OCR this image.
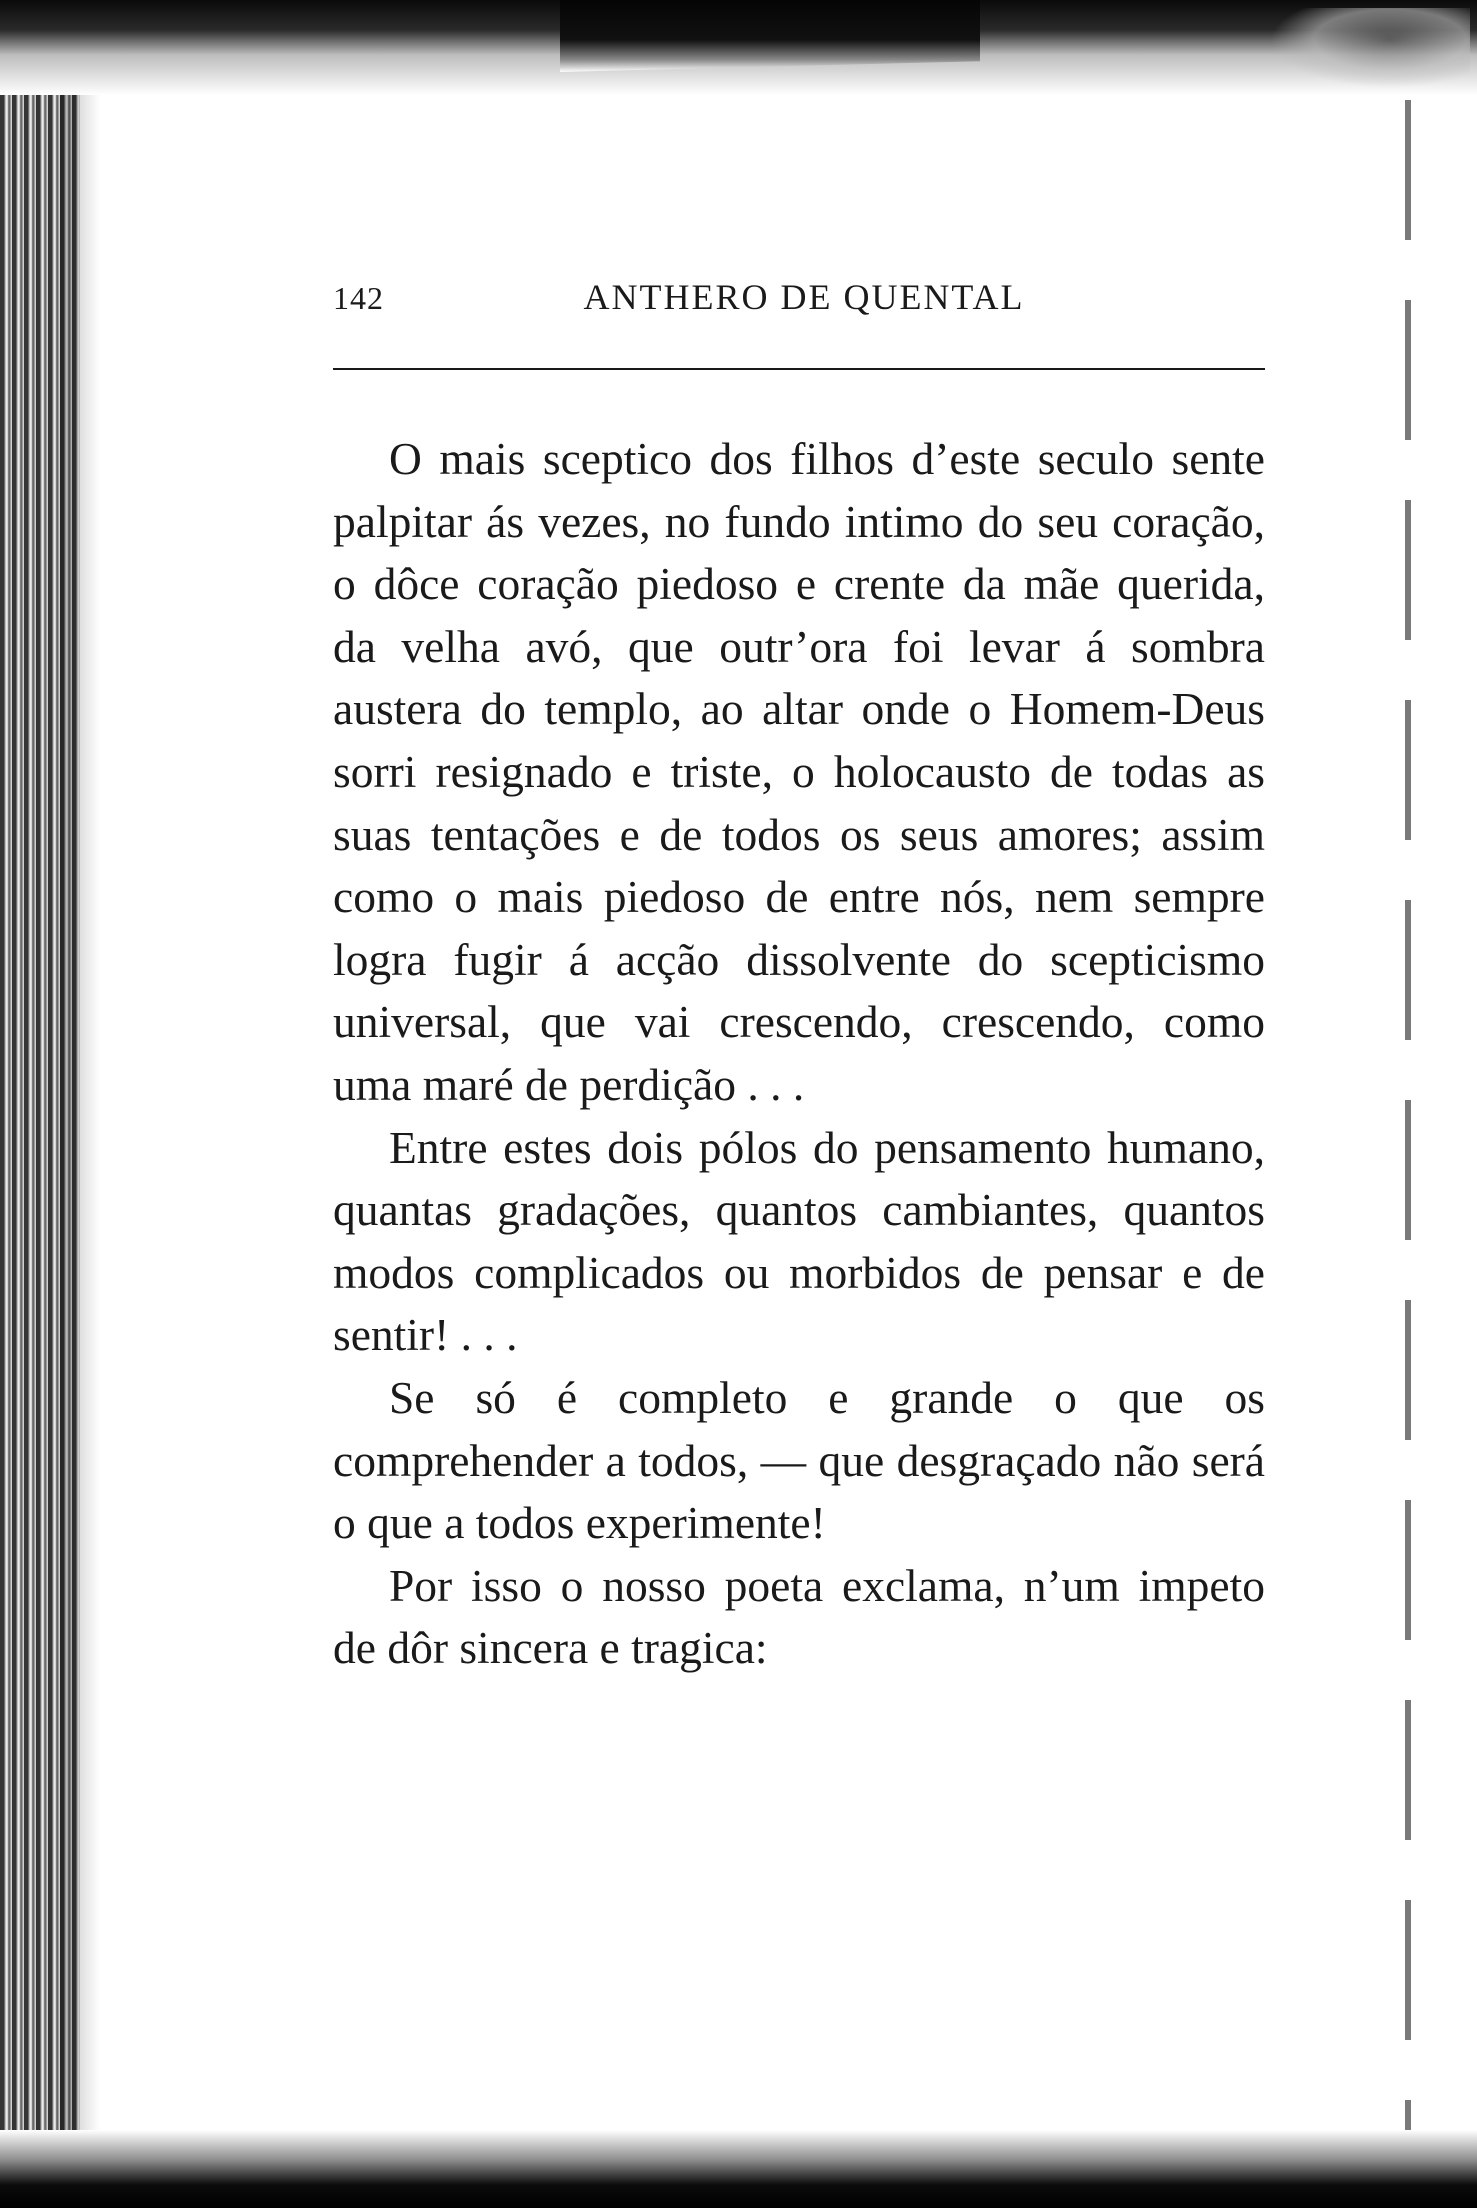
142	ANTHERO DE QUENTAL

O mais sceptico dos filhos d’este seculo sente palpitar ás vezes, no fundo intimo do seu coração, o dôce coração piedoso e crente da mãe querida, da velha avó, que outr’ora foi levar á sombra austera do templo, ao altar onde o Homem-Deus sorri resignado e triste, o holocausto de todas as suas tentações e de todos os seus amores; assim como o mais piedoso de entre nós, nem sempre logra fugir á acção dissolvente do scepticismo universal, que vai crescendo, crescendo, como uma maré de perdição . . .

Entre estes dois pólos do pensamento humano, quantas gradações, quantos cambiantes, quantos modos complicados ou morbidos de pensar e de sentir! . . .

Se só é completo e grande o que os comprehender a todos, — que desgraçado não será o que a todos experimente!

Por isso o nosso poeta exclama, n’um impeto de dôr sincera e tragica:
